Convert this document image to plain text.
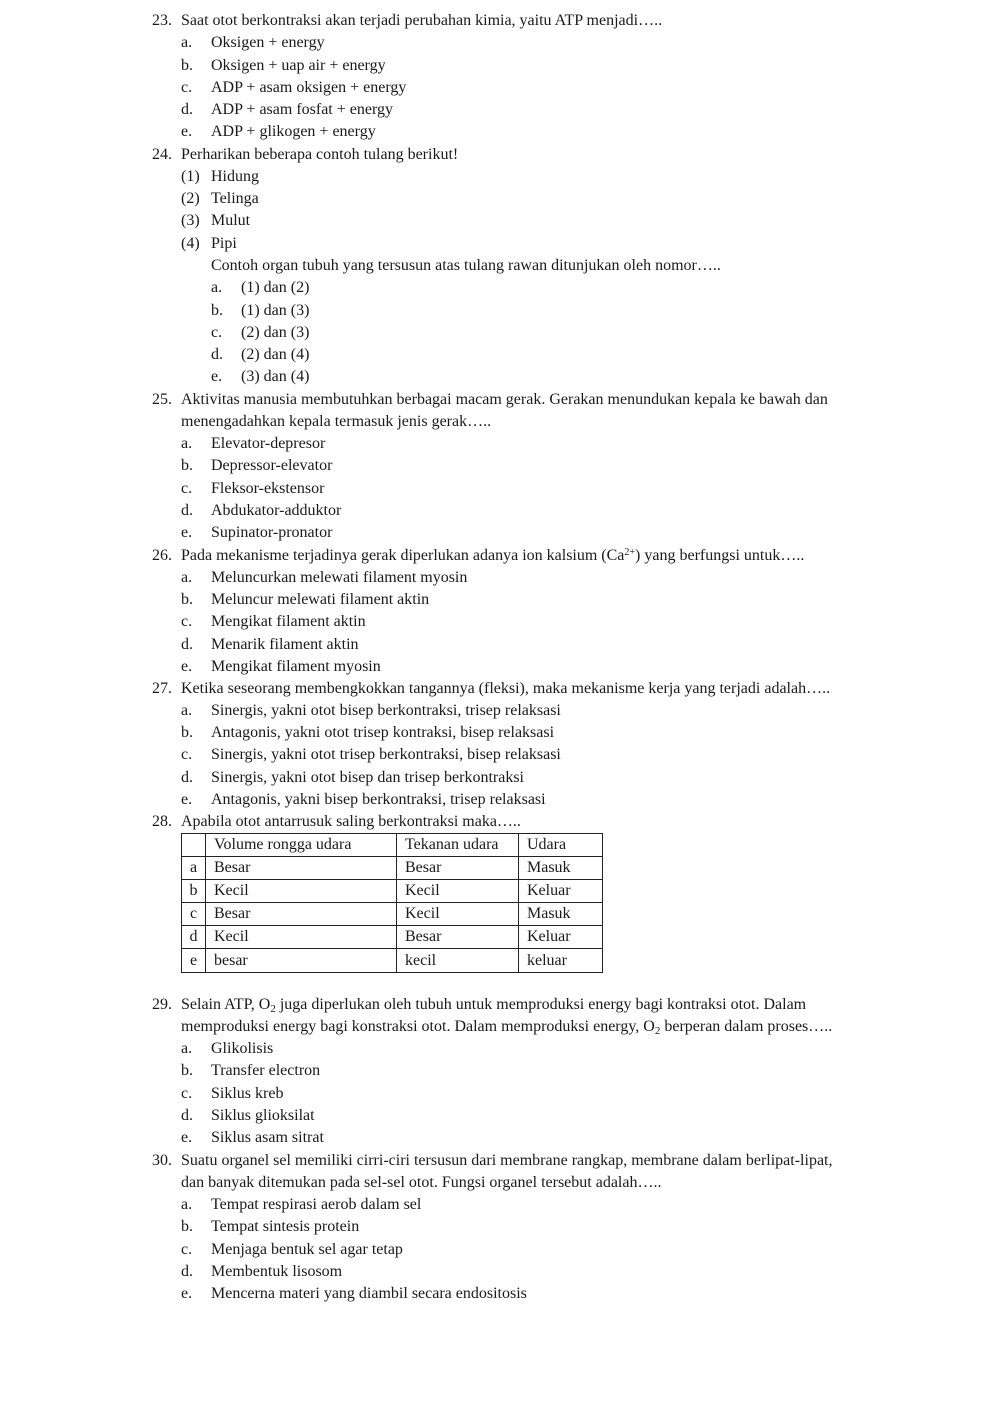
23. Saat otot berkontraksi akan terjadi perubahan kimia, yaitu ATP menjadi…..
a. Oksigen + energy
b. Oksigen + uap air + energy
c. ADP + asam oksigen + energy
d. ADP + asam fosfat + energy
e. ADP + glikogen + energy
24. Perharikan beberapa contoh tulang berikut!
(1) Hidung
(2) Telinga
(3) Mulut
(4) Pipi
Contoh organ tubuh yang tersusun atas tulang rawan ditunjukan oleh nomor…..
a. (1) dan (2)
b. (1) dan (3)
c. (2) dan (3)
d. (2) dan (4)
e. (3) dan (4)
25. Aktivitas manusia membutuhkan berbagai macam gerak. Gerakan menundukan kepala ke bawah dan
menengadahkan kepala termasuk jenis gerak…..
a. Elevator-depresor
b. Depressor-elevator
c. Fleksor-ekstensor
d. Abdukator-adduktor
e. Supinator-pronator
26. Pada mekanisme terjadinya gerak diperlukan adanya ion kalsium $(Ca^{2+})$ yang berfungsi untuk…..
a. Meluncurkan melewati filament myosin
b. Meluncur melewati filament aktin
c. Mengikat filament aktin
d. Menarik filament aktin
e. Mengikat filament myosin
27. Ketika seseorang membengkokkan tangannya (fleksi), maka mekanisme kerja yang terjadi adalah…..
a. Sinergis, yakni otot bisep berkontraksi, trisep relaksasi
b. Antagonis, yakni otot trisep kontraksi, bisep relaksasi
c. Sinergis, yakni otot trisep berkontraksi, bisep relaksasi
d. Sinergis, yakni otot bisep dan trisep berkontraksi
e. Antagonis, yakni bisep berkontraksi, trisep relaksasi
28. Apabila otot antarrusuk saling berkontraksi maka…..
	Volume rongga udara	Tekanan udara	Udara
a	Besar	Besar	Masuk
b	Kecil	Kecil	Keluar
c	Besar	Kecil	Masuk
d	Kecil	Besar	Keluar
e	besar	kecil	keluar
29. Selain ATP, $O_2$ juga diperlukan oleh tubuh untuk memproduksi energy bagi kontraksi otot. Dalam
memproduksi energy bagi konstraksi otot. Dalam memproduksi energy, $O_2$ berperan dalam proses…..
a. Glikolisis
b. Transfer electron
c. Siklus kreb
d. Siklus glioksilat
e. Siklus asam sitrat
30. Suatu organel sel memiliki cirri-ciri tersusun dari membrane rangkap, membrane dalam berlipat-lipat,
dan banyak ditemukan pada sel-sel otot. Fungsi organel tersebut adalah…..
a. Tempat respirasi aerob dalam sel
b. Tempat sintesis protein
c. Menjaga bentuk sel agar tetap
d. Membentuk lisosom
e. Mencerna materi yang diambil secara endositosis
